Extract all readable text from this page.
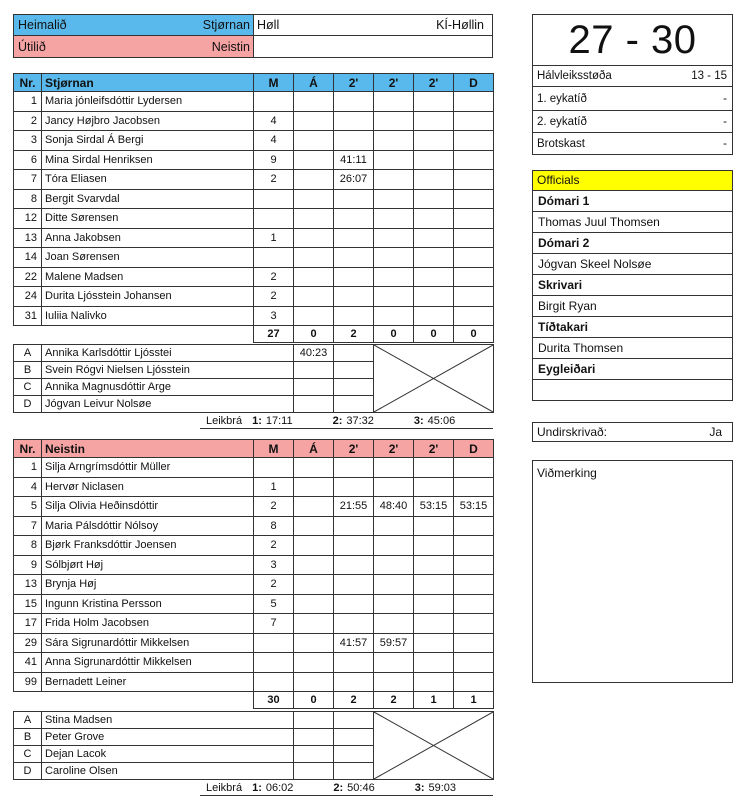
Heimalið	Stjørnan Høll	KÍ-Høllin
Útilið	Neistin	27 - 30
Hálvleiksstøða	13 - 15
1. eykatíð	-
2. eykatíð	-
Brotskast	-
Officials
Dómari 1
Thomas Juul Thomsen
Dómari 2
Jógvan Skeel Nolsøe
Skrivari
Birgit Ryan
Tíðtakari
Durita Thomsen
Eygleiðari
Undirskrivað:	Ja
Viðmerking
Nr.	Stjørnan	M	Á	2'	2'	2'	D
1	Maria jónleifsdóttir Lydersen						
2	Jancy Højbro Jacobsen	4					
3	Sonja Sirdal Á Bergi	4					
6	Mina Sirdal Henriksen	9		41:11			
7	Tóra Eliasen	2		26:07			
8	Bergit Svarvdal						
12	Ditte Sørensen						
13	Anna Jakobsen	1					
14	Joan Sørensen						
22	Malene Madsen	2					
24	Durita Ljósstein Johansen	2					
31	Iuliia Nalivko	3					
		27	0	2	0	0	0
A	Annika Karlsdóttir Ljósstei	40:23		

B	Svein Rógvi Nielsen Ljósstein			
C	Annika Magnusdóttir Arge			
D	Jógvan Leivur Nolsøe			
Leikbrá 1: 17:11	2: 37:32	3: 45:06
Nr.	Neistin	M	Á	2'	2'	2'	D
1	Silja Arngrímsdóttir Müller						
4	Hervør Niclasen	1					
5	Silja Olivia Heðinsdóttir	2		21:55	48:40	53:15	53:15
7	Maria Pálsdóttir Nólsoy	8					
8	Bjørk Franksdóttir Joensen	2					
9	Sólbjørt Høj	3					
13	Brynja Høj	2					
15	Ingunn Kristina Persson	5					
17	Frida Holm Jacobsen	7					
29	Sára Sigrunardóttir Mikkelsen			41:57	59:57		
41	Anna Sigrunardóttir Mikkelsen						
99	Bernadett Leiner						
		30	0	2	2	1	1
A	Stina Madsen			

B	Peter Grove			
C	Dejan Lacok			
D	Caroline Olsen			
Leikbrá 1: 06:02	2: 50:46	3: 59:03
